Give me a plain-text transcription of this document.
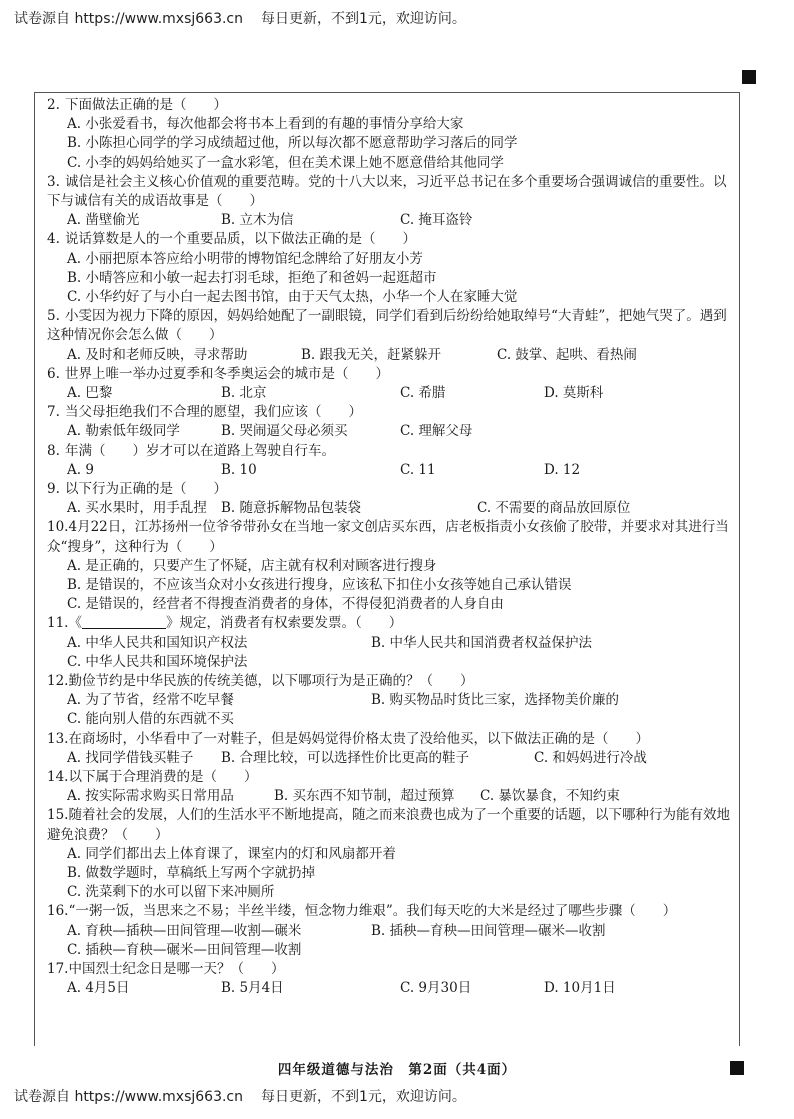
试卷源自 https://www.mxsj663.cn 每日更新，不到1元，欢迎访问。

2. 下面做法正确的是（　　）

A. 小张爱看书，每次他都会将书本上看到的有趣的事情分享给大家
B. 小陈担心同学的学习成绩超过他，所以每次都不愿意帮助学习落后的同学
C. 小李的妈妈给她买了一盒水彩笔，但在美术课上她不愿意借给其他同学

3. 诚信是社会主义核心价值观的重要范畴。党的十八大以来，习近平总书记在多个重要场合强调诚信的重要性。以下与诚信有关的成语故事是（　　）

A. 凿壁偷光	B. 立木为信	C. 掩耳盗铃

4. 说话算数是人的一个重要品质，以下做法正确的是（　　）

A. 小丽把原本答应给小明带的博物馆纪念牌给了好朋友小芳
B. 小晴答应和小敏一起去打羽毛球，拒绝了和爸妈一起逛超市
C. 小华约好了与小白一起去图书馆，由于天气太热，小华一个人在家睡大觉

5. 小雯因为视力下降的原因，妈妈给她配了一副眼镜，同学们看到后纷纷给她取绰号“大青蛙”，把她气哭了。遇到这种情况你会怎么做（　　）

A. 及时和老师反映，寻求帮助	B. 跟我无关，赶紧躲开	C. 鼓掌、起哄、看热闹

6. 世界上唯一举办过夏季和冬季奥运会的城市是（　　）

A. 巴黎	B. 北京	C. 希腊	D. 莫斯科

7. 当父母拒绝我们不合理的愿望，我们应该（　　）

A. 勒索低年级同学	B. 哭闹逼父母必须买	C. 理解父母

8. 年满（　　）岁才可以在道路上驾驶自行车。

A. 9	B. 10	C. 11	D. 12

9. 以下行为正确的是（　　）

A. 买水果时，用手乱捏 B. 随意拆解物品包装袋	C. 不需要的商品放回原位

10.4月22日，江苏扬州一位爷爷带孙女在当地一家文创店买东西，店老板指责小女孩偷了胶带，并要求对其进行当众“搜身”，这种行为（　　）

A. 是正确的，只要产生了怀疑，店主就有权利对顾客进行搜身
B. 是错误的，不应该当众对小女孩进行搜身，应该私下扣住小女孩等她自己承认错误
C. 是错误的，经营者不得搜查消费者的身体，不得侵犯消费者的人身自由

11.《	》规定，消费者有权索要发票。（　　）

A. 中华人民共和国知识产权法	B. 中华人民共和国消费者权益保护法
C. 中华人民共和国环境保护法

12.勤俭节约是中华民族的传统美德，以下哪项行为是正确的？（　　）

A. 为了节省，经常不吃早餐	B. 购买物品时货比三家，选择物美价廉的
C. 能向别人借的东西就不买

13.在商场时，小华看中了一对鞋子，但是妈妈觉得价格太贵了没给他买，以下做法正确的是（　　）

A. 找同学借钱买鞋子 B. 合理比较，可以选择性价比更高的鞋子	C. 和妈妈进行冷战

14.以下属于合理消费的是（　　）

A. 按实际需求购买日常用品	B. 买东西不知节制，超过预算 C. 暴饮暴食，不知约束

15.随着社会的发展，人们的生活水平不断地提高，随之而来浪费也成为了一个重要的话题，以下哪种行为能有效地避免浪费？（　　）

A. 同学们都出去上体育课了，课室内的灯和风扇都开着
B. 做数学题时，草稿纸上写两个字就扔掉
C. 洗菜剩下的水可以留下来冲厕所

16.“一粥一饭，当思来之不易；半丝半缕，恒念物力维艰”。我们每天吃的大米是经过了哪些步骤（　　）

A. 育秧—插秧—田间管理—收割—碾米	B. 插秧—育秧—田间管理—碾米—收割
C. 插秧—育秧—碾米—田间管理—收割

17.中国烈士纪念日是哪一天？（　　）

A. 4月5日	B. 5月4日	C. 9月30日	D. 10月1日
四年级道德与法治　第2面（共4面）
试卷源自 https://www.mxsj663.cn 每日更新，不到1元，欢迎访问。
